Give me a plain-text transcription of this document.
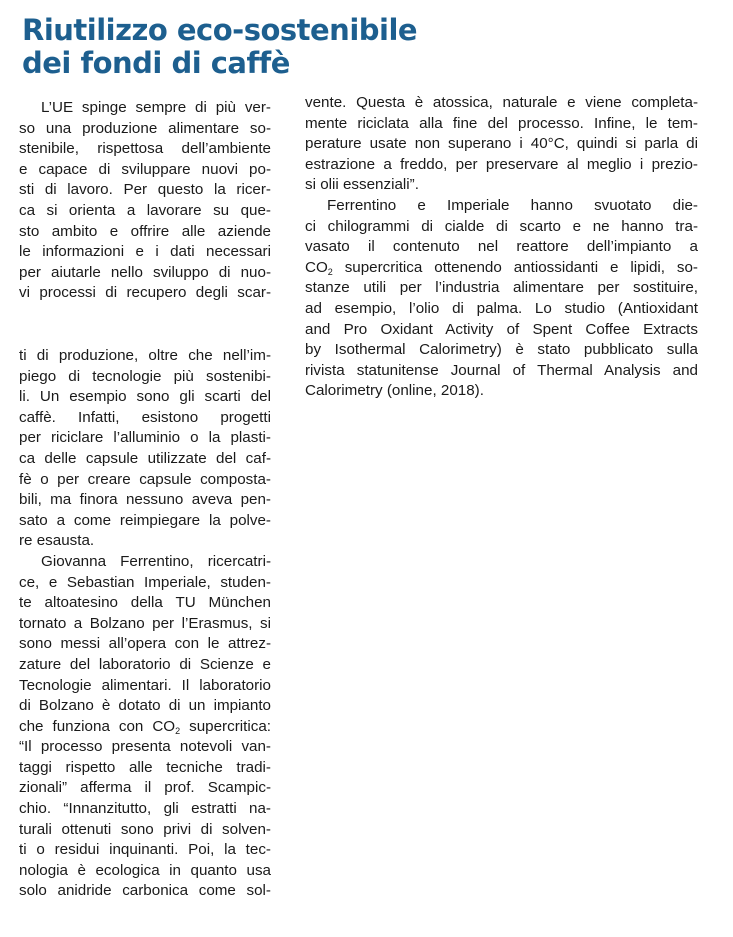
Riutilizzo eco-sostenibile
dei fondi di caffè

L’UE spinge sempre di più ver-
so una produzione alimentare so-
stenibile, rispettosa dell’ambiente
e capace di sviluppare nuovi po-
sti di lavoro. Per questo la ricer-
ca si orienta a lavorare su que-
sto ambito e offrire alle aziende
le informazioni e i dati necessari
per aiutarle nello sviluppo di nuo-
vi processi di recupero degli scar-

ti di produzione, oltre che nell’im-
piego di tecnologie più sostenibi-
li. Un esempio sono gli scarti del
caffè. Infatti, esistono progetti
per riciclare l’alluminio o la plasti-
ca delle capsule utilizzate del caf-
fè o per creare capsule composta-
bili, ma finora nessuno aveva pen-
sato a come reimpiegare la polve-
re esausta.

Giovanna Ferrentino, ricercatri-
ce, e Sebastian Imperiale, studen-
te altoatesino della TU München
tornato a Bolzano per l’Erasmus, si
sono messi all’opera con le attrez-
zature del laboratorio di Scienze e
Tecnologie alimentari. Il laboratorio
di Bolzano è dotato di un impianto
che funziona con $CO_2$ supercritica:
“Il processo presenta notevoli van-
taggi rispetto alle tecniche tradi-
zionali” afferma il prof. Scampic-
chio. “Innanzitutto, gli estratti na-
turali ottenuti sono privi di solven-
ti o residui inquinanti. Poi, la tec-
nologia è ecologica in quanto usa
solo anidride carbonica come sol-

vente. Questa è atossica, naturale e viene completa-
mente riciclata alla fine del processo. Infine, le tem-
perature usate non superano i 40°C, quindi si parla di
estrazione a freddo, per preservare al meglio i prezio-
si olii essenziali”.

Ferrentino e Imperiale hanno svuotato die-
ci chilogrammi di cialde di scarto e ne hanno tra-
vasato il contenuto nel reattore dell’impianto a
$CO_2$ supercritica ottenendo antiossidanti e lipidi, so-
stanze utili per l’industria alimentare per sostituire,
ad esempio, l’olio di palma. Lo studio (Antioxidant
and Pro Oxidant Activity of Spent Coffee Extracts
by Isothermal Calorimetry) è stato pubblicato sulla
rivista statunitense Journal of Thermal Analysis and
Calorimetry (online, 2018).
